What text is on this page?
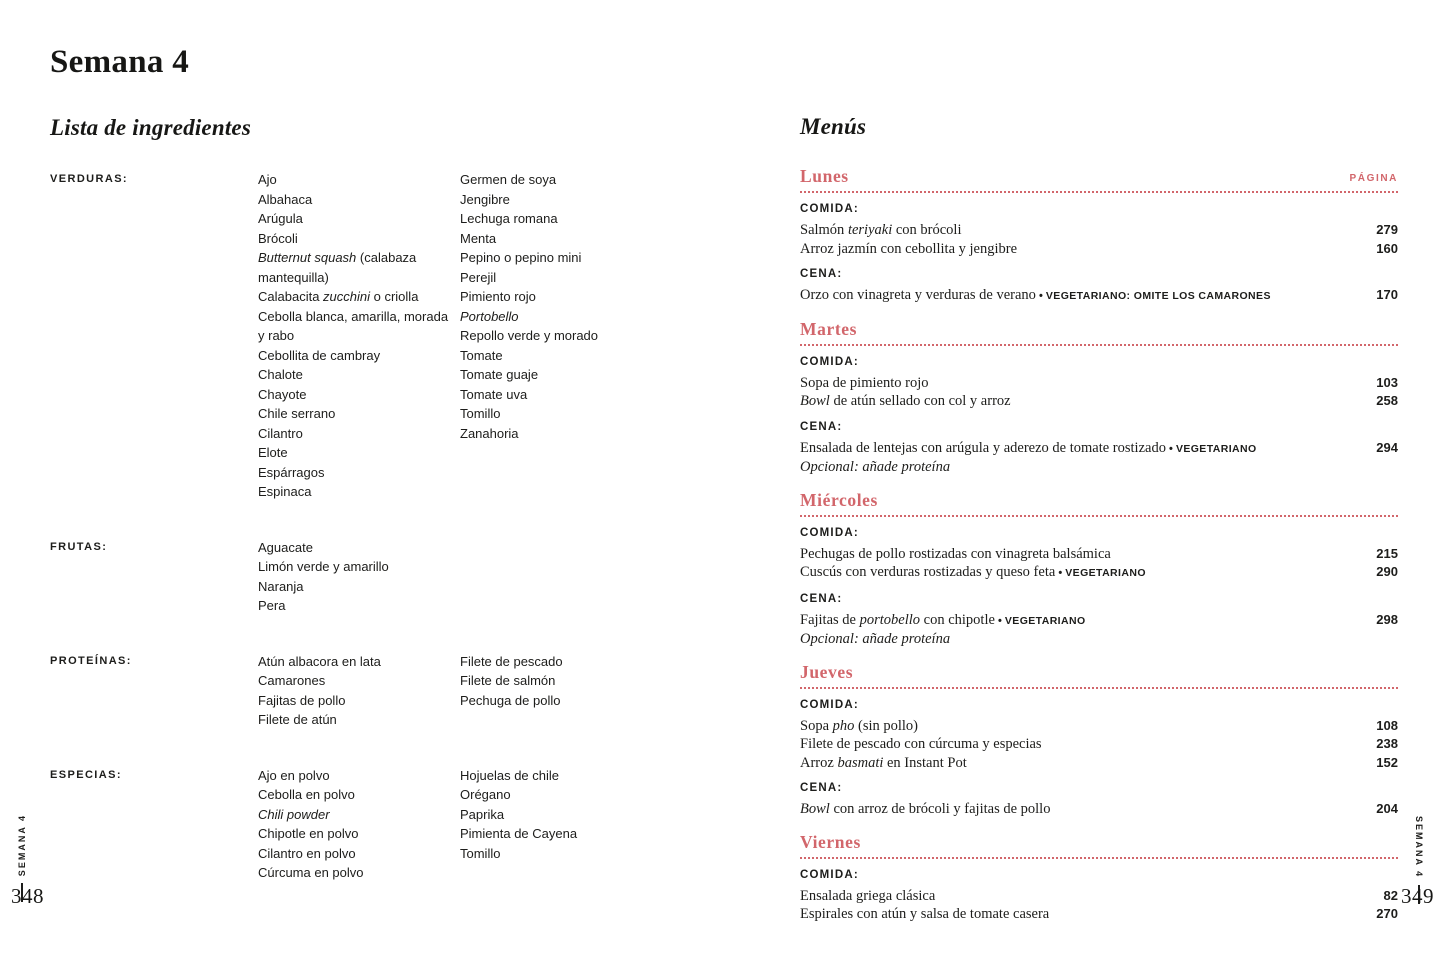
Semana 4
Lista de ingredientes
VERDURAS:	Ajo
Albahaca
Arúgula
Brócoli
Butternut squash (calabaza mantequilla)
Calabacita zucchini o criolla
Cebolla blanca, amarilla, morada
y rabo
Cebollita de cambray
Chalote
Chayote
Chile serrano
Cilantro
Elote
Espárragos
Espinaca
Germen de soya
Jengibre
Lechuga romana
Menta
Pepino o pepino mini
Perejil
Pimiento rojo
Portobello
Repollo verde y morado
Tomate
Tomate guaje
Tomate uva
Tomillo
Zanahoria
FRUTAS:	Aguacate
Limón verde y amarillo
Naranja
Pera
PROTEÍNAS:	Atún albacora en lata
Camarones
Fajitas de pollo
Filete de atún
Filete de pescado
Filete de salmón
Pechuga de pollo
ESPECIAS:	Ajo en polvo
Cebolla en polvo
Chili powder
Chipotle en polvo
Cilantro en polvo
Cúrcuma en polvo
Hojuelas de chile
Orégano
Paprika
Pimienta de Cayena
Tomillo
Menús
Lunes	PÁGINA
COMIDA:
Salmón teriyaki con brócoli	279
Arroz jazmín con cebollita y jengibre	160
CENA:
Orzo con vinagreta y verduras de verano • VEGETARIANO: OMITE LOS CAMARONES	170
Martes
COMIDA:
Sopa de pimiento rojo	103
Bowl de atún sellado con col y arroz	258
CENA:
Ensalada de lentejas con arúgula y aderezo de tomate rostizado • VEGETARIANO	294
Opcional: añade proteína
Miércoles
COMIDA:
Pechugas de pollo rostizadas con vinagreta balsámica	215
Cuscús con verduras rostizadas y queso feta • VEGETARIANO	290
CENA:
Fajitas de portobello con chipotle • VEGETARIANO	298
Opcional: añade proteína
Jueves
COMIDA:
Sopa pho (sin pollo)	108
Filete de pescado con cúrcuma y especias	238
Arroz basmati en Instant Pot	152
CENA:
Bowl con arroz de brócoli y fajitas de pollo	204
Viernes
COMIDA:
Ensalada griega clásica	82
Espirales con atún y salsa de tomate casera	270
SEMANA 4
348
SEMANA 4
349
